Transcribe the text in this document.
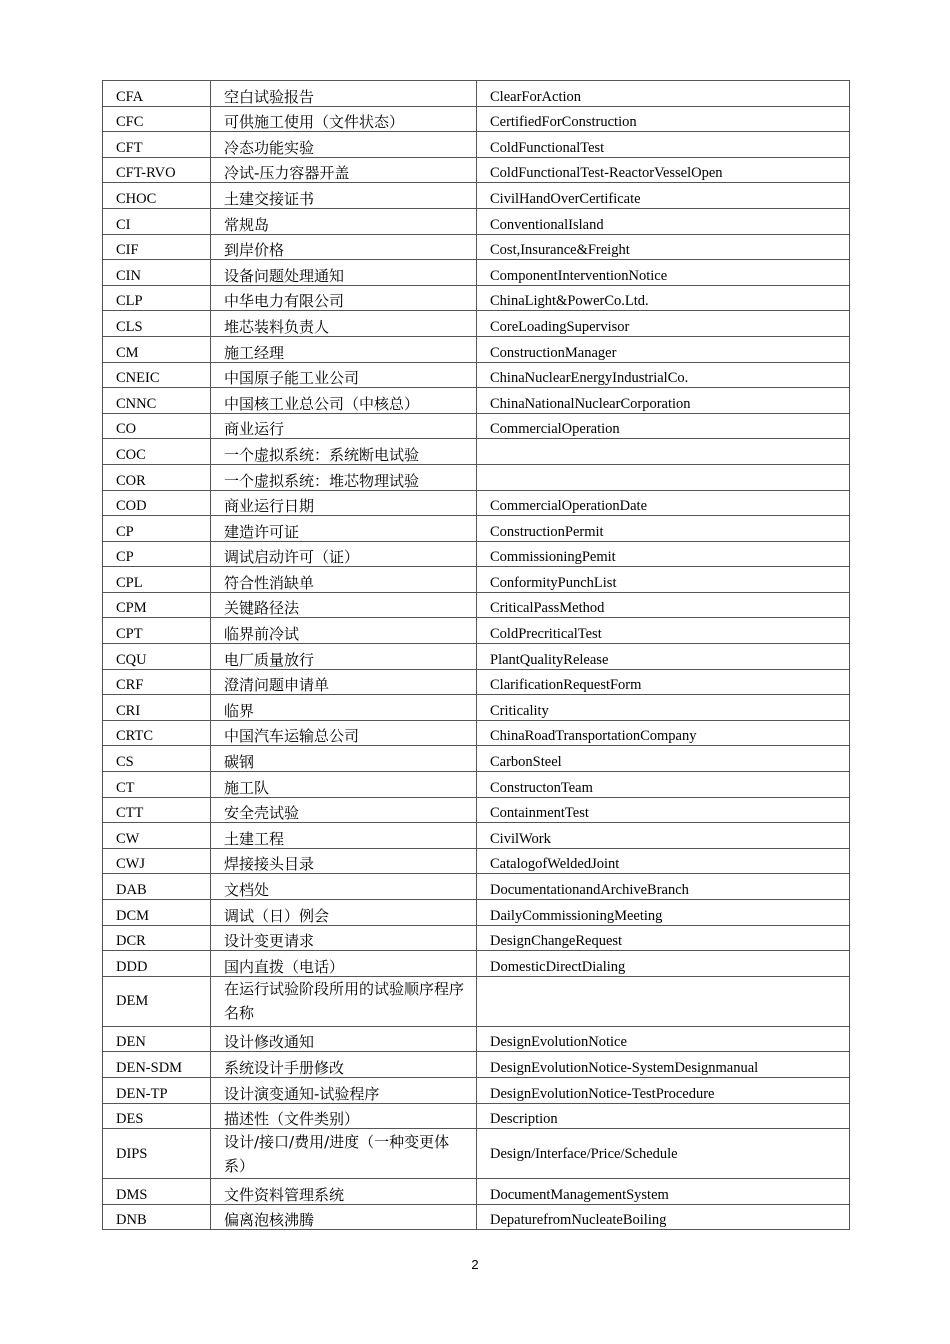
CFA	空白试验报告	ClearForAction
CFC	可供施工使用（文件状态）	CertifiedForConstruction
CFT	冷态功能实验	ColdFunctionalTest
CFT-RVO	冷试-压力容器开盖	ColdFunctionalTest-ReactorVesselOpen
CHOC	土建交接证书	CivilHandOverCertificate
CI	常规岛	ConventionalIsland
CIF	到岸价格	Cost,Insurance&Freight
CIN	设备问题处理通知	ComponentInterventionNotice
CLP	中华电力有限公司	ChinaLight&PowerCo.Ltd.
CLS	堆芯装料负责人	CoreLoadingSupervisor
CM	施工经理	ConstructionManager
CNEIC	中国原子能工业公司	ChinaNuclearEnergyIndustrialCo.
CNNC	中国核工业总公司（中核总）	ChinaNationalNuclearCorporation
CO	商业运行	CommercialOperation
COC	一个虚拟系统：系统断电试验	
COR	一个虚拟系统：堆芯物理试验	
COD	商业运行日期	CommercialOperationDate
CP	建造许可证	ConstructionPermit
CP	调试启动许可（证）	CommissioningPemit
CPL	符合性消缺单	ConformityPunchList
CPM	关键路径法	CriticalPassMethod
CPT	临界前冷试	ColdPrecriticalTest
CQU	电厂质量放行	PlantQualityRelease
CRF	澄清问题申请单	ClarificationRequestForm
CRI	临界	Criticality
CRTC	中国汽车运输总公司	ChinaRoadTransportationCompany
CS	碳钢	CarbonSteel
CT	施工队	ConstructonTeam
CTT	安全壳试验	ContainmentTest
CW	土建工程	CivilWork
CWJ	焊接接头目录	CatalogofWeldedJoint
DAB	文档处	DocumentationandArchiveBranch
DCM	调试（日）例会	DailyCommissioningMeeting
DCR	设计变更请求	DesignChangeRequest
DDD	国内直拨（电话）	DomesticDirectDialing
DEM	在运行试验阶段所用的试验顺序程序名称	
DEN	设计修改通知	DesignEvolutionNotice
DEN-SDM	系统设计手册修改	DesignEvolutionNotice-SystemDesignmanual
DEN-TP	设计演变通知-试验程序	DesignEvolutionNotice-TestProcedure
DES	描述性（文件类别）	Description
DIPS	设计/接口/费用/进度（一种变更体系）	Design/Interface/Price/Schedule
DMS	文件资料管理系统	DocumentManagementSystem
DNB	偏离泡核沸腾	DepaturefromNucleateBoiling
2
